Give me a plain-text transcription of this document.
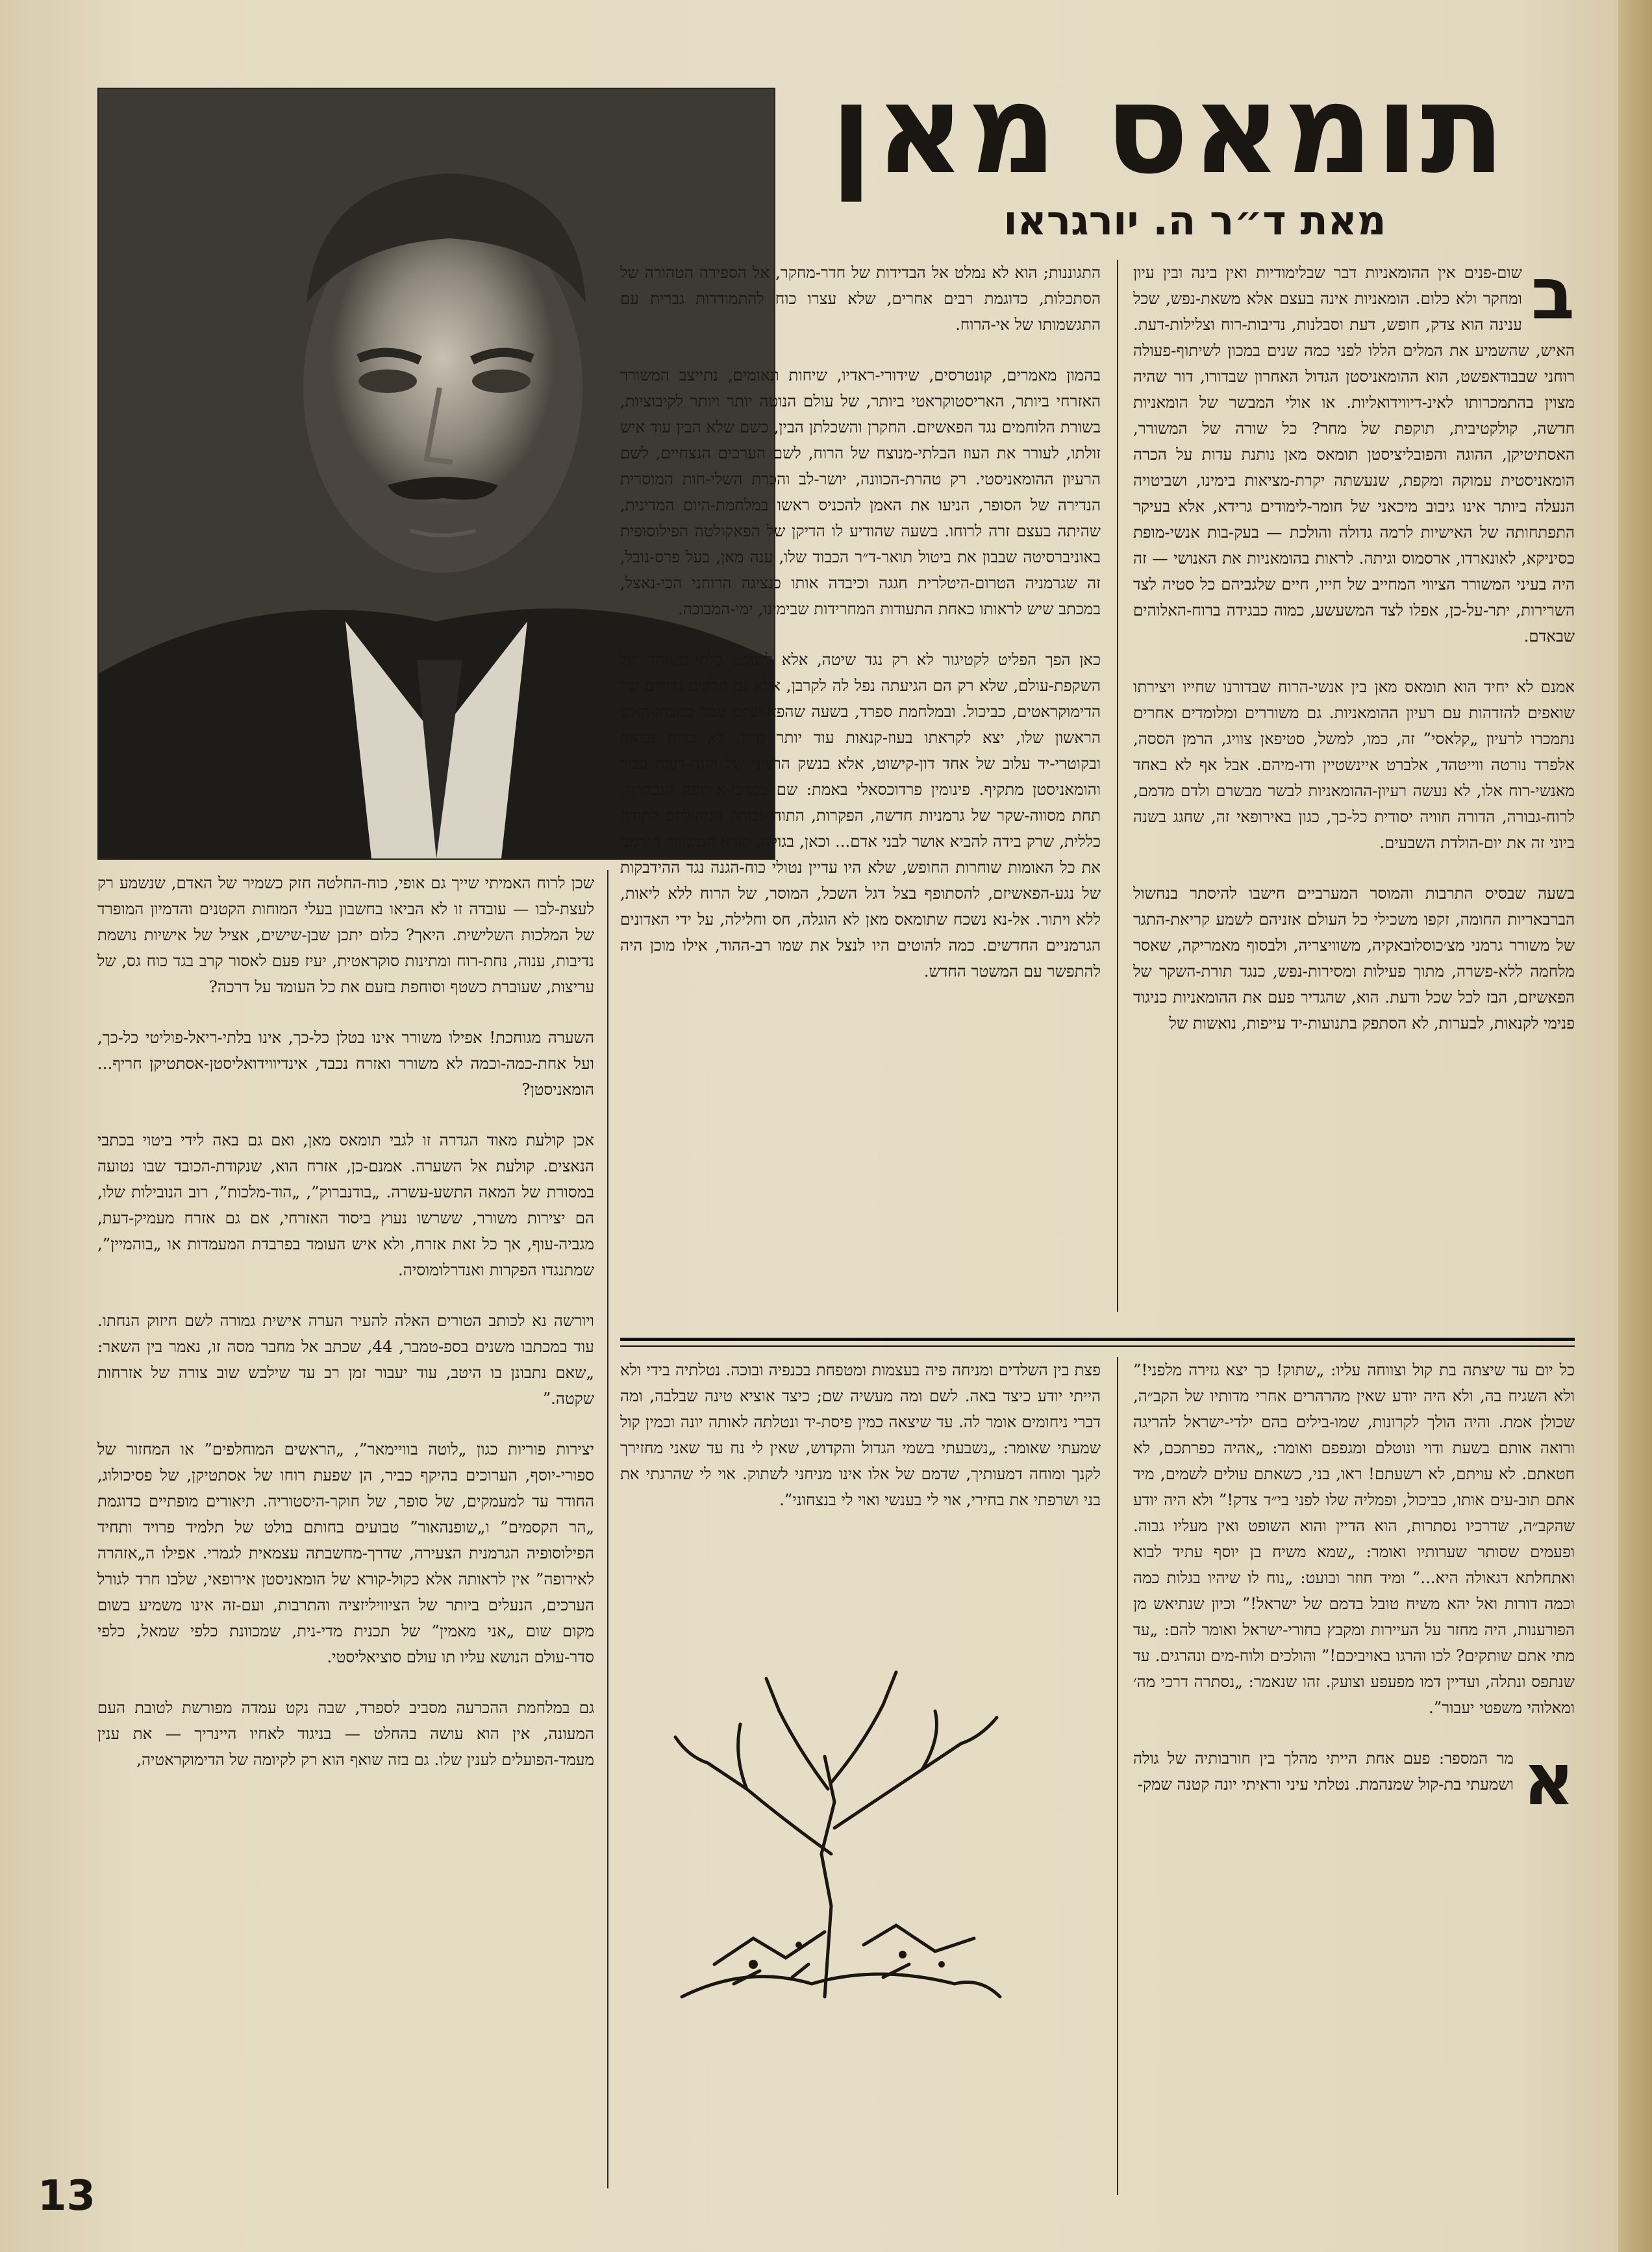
תומאס מאן
מאת ד״ר ה. יורגראו

ב
שום-פנים אין ההומאניות דבר שבלימודיות ואין בינה ובין עיון ומחקר ולא כלום. הומאניות אינה בעצם אלא משאת-נפש, שכל ענינה הוא צדק, חופש, דעת וסבלנות, נדיבות-רוח וצלילות-דעת. האיש, שהשמיע את המלים הללו לפני כמה שנים במכון לשיתוף-פעולה רוחני שבבודאפשט, הוא ההומאניסטן הגדול האחרון שבדורו, דור שהיה מצוין בהתמכרותו לאינ-דיווידואליות. או אולי המבשר של הומאניות חדשה, קולקטיבית, תוקפת של מחר? כל שורה של המשורר, האסתיטיקן, ההוגה והפובליציסטן תומאס מאן נותנת עדות על הכרה הומאניסטית עמוקה ומקפת, שנעשתה יקרת-מציאות בימינו, ושביטויה הנעלה ביותר אינו גיבוב מיכאני של חומר-לימודים גרידא, אלא בעיקר התפתחותה של האישיות לרמה גדולה והולכת — בעק-בות אנשי-מופת כסיניקא, לאונארדו, ארסמוס וגיתה. לראות בהומאניות את האנושי — זה היה בעיני המשורר הציווי המחייב של חייו, חיים שלגביהם כל סטיה לצד השרירות, יתר-על-כן, אפלו לצד המשעשע, כמוה כבגידה ברוח-האלוהים שבאדם.

אמנם לא יחיד הוא תומאס מאן בין אנשי-הרוח שבדורנו שחייו ויצירתו שואפים להזדהות עם רעיון ההומאניות. גם משוררים ומלומדים אחרים נתמכרו לרעיון „קלאסי” זה, כמו, למשל, סטיפאן צוויג, הרמן הססה, אלפרד נורטה ווייטהד, אלברט איינשטיין ודו-מיהם. אבל אף לא באחד מאנשי-רוח אלו, לא נעשה רעיון-ההומאניות לבשר מבשרם ולדם מדמם, לרוח-גבורה, הדורה חוויה יסודית כל-כך, כגון באירופאי זה, שחגג בשנה ביוני זה את יום-הולדת השבעים.

בשעה שבסיס התרבות והמוסר המערביים חישבו להיסתר בנחשול הברבאריות החומה, זקפו משכילי כל העולם אזניהם לשמע קריאת-התגר של משורר גרמני מצ׳כוסלובאקיה, משוויצריה, ולבסוף מאמריקה, שאסר מלחמה ללא-פשרה, מתוך פעילות ומסירות-נפש, כנגד תורת-השקר של הפאשיזם, הבז לכל שכל ודעת. הוא, שהגדיר פעם את ההומאניות כניגוד פנימי לקנאות, לבערות, לא הסתפק בתנועות-יד עייפות, נואשות של

התגוננות; הוא לא נמלט אל הבדידות של חדר-מחקר, אל הספירה הטהורה של הסתכלות, כדוגמת רבים אחרים, שלא עצרו כוח להתמודדות גברית עם התגשמותו של אי-הרוח.

בהמון מאמרים, קונטרסים, שידורי-ראדיו, שיחות ונאומים, נתייצב המשורר האזרחי ביותר, האריסטוקראטי ביותר, של עולם הנוטה יותר ויותר לקיבוציות, בשורת הלוחמים נגד הפאשיזם. החקרן והשכלתן הבין, כשם שלא הבין עוד איש זולתו, לעורר את העוז הבלתי-מנוצח של הרוח, לשם הערכים הנצחיים, לשם הרעיון ההומאניסטי. רק טהרת-הכוונה, יושר-לב והכרת השלי-חות המוסרית הנדירה של הסופר, הניעו את האמן להכניס ראשו במלחמת-היום המדינית, שהיתה בעצם זרה לרוחו. בשעה שהודיע לו הדיקן של הפאקולטה הפילוסופית באוניברסיטה שבבון את ביטול תואר-ד״ר הכבוד שלו, ענה מאן, בעל פרס-נובל, זה שגרמניה הטרום-היטלרית חגגה וכיבדה אותו כנציגה הרוחני הכי-נאצל, במכתב שיש לראותו כאחת התעודות המחרידות שבימינו, ימי-המבוכה.

כאן הפך הפליט לקטיגור לא רק נגד שיטה, אלא לשופט בלתי-משוחד של השקפת-עולם, שלא רק הם הגיעתה נפל לה לקרבן, אלא גם חלקים גדולים של הדימוקראטים, כביכול. ובמלחמת ספרד, בשעה שהפא-שיזם עמד במבחן-האש הראשון שלו, יצא לקראתו בעוז-קנאות עוד יותר גדול, לא ברוח נביאה ובקוטרי-יד עלוב של אחד דון-קישוט, אלא בנשק הרציני של הוגה-דעות כביר והומאניסטן מתקיף. פינומין פרדוכסאלי באמת: שם במרכז-אירופה הנכתרה, תחת מסווה-שקר של גרמניות חדשה, הפקרות, התוהו-ובוהו, הניהיליזם לתורה כללית, שרק בידה להביא אושר לבני אדם... וכאן, בגולה, קורא המשורר הגרמני את כל האומות שוחרות החופש, שלא היו עדיין נטולי כוח-הגנה נגד ההידבקות של נגע-הפאשיזם, להסתופף בצל דגל השכל, המוסר, של הרוח ללא ליאות, ללא ויתור. אל-נא נשכח שתומאס מאן לא הוגלה, חס וחלילה, על ידי האדונים הגרמניים החדשים. כמה להוטים היו לנצל את שמו רב-ההוד, אילו מוכן היה להתפשר עם המשטר החדש.

שכן לרוח האמיתי שייך גם אופי, כוח-החלטה חזק כשמיר של האדם, שנשמע רק לעצת-לבו — עובדה זו לא הביאו בחשבון בעלי המוחות הקטנים והדמיון המופרד של המלכות השלישית. היאך? כלום יתכן שבן-שישים, אציל של אישיות נושמת נדיבות, ענוה, נחת-רוח ומתינות סוקראטית, יעיז פעם לאסור קרב בגד כוח גס, של עריצות, שעוברת כשטף וסוחפת בזעם את כל העומד על דרכה?

השערה מגוחכת! אפילו משורר אינו בטלן כל-כך, אינו בלתי-ריאל-פוליטי כל-כך, ועל אחת-כמה-וכמה לא משורר ואזרח נכבד, אינדיווידואליסטן-אסתטיקן חריף... הומאניסטן?

אכן קולעת מאוד הגדרה זו לגבי תומאס מאן, ואם גם באה לידי ביטוי בכתבי הנאצים. קולעת אל השערה. אמנם-כן, אזרח הוא, שנקודת-הכובד שבו נטועה במסורת של המאה התשע-עשרה. „בודנברוק”, „הוד-מלכות”, רוב הנובילות שלו, הם יצירות משורר, ששרשו נעוץ ביסוד האזרחי, אם גם אזרח מעמיק-דעת, מגביה-עוף, אך כל זאת אזרח, ולא איש העומד בפרבדת המעמדות או „בוהמיין”, שמתנגדו הפקרות ואנדרלומוסיה.

ויורשה נא לכותב הטורים האלה להעיר הערה אישית גמורה לשם חיזוק הנחתו. עוד במכתבו משנים בספ-טמבר, 44, שכתב אל מחבר מסה זו, נאמר בין השאר: „שאם נתבונן בו היטב, עוד יעבור זמן רב עד שילבש שוב צורה של אזרחות שקטה.”

יצירות פוריות כגון „לוטה בוויימאר”, „הראשים המוחלפים” או המחזור של ספורי-יוסף, הערוכים בהיקף כביר, הן שפעת רוחו של אסתטיקן, של פסיכולוג, החודר עד למעמקים, של סופר, של חוקר-היסטוריה. תיאורים מופתיים כדוגמת „הר הקסמים” ו„שופנהאור” טבועים בחותם בולט של תלמיד פרויד ותחיד הפילוסופיה הגרמנית הצעירה, שדרך-מחשבתה עצמאית לגמרי. אפילו ה„אזהרה לאירופה” אין לראותה אלא כקול-קורא של הומאניסטן אירופאי, שלבו חרד לגורל הערכים, הנעלים ביותר של הציוויליזציה והתרבות, ועם-זה אינו משמיע בשום מקום שום „אני מאמין” של תכנית מדי-נית, שמכוונת כלפי שמאל, כלפי סדר-עולם הנושא עליו תו עולם סוציאליסטי.

גם במלחמת ההכרעה מסביב לספרד, שבה נקט עמדה מפורשת לטובת העם המעונה, אין הוא עושה בהחלט — בניגוד לאחיו היינריך — את ענין מעמד-הפועלים לענין שלו. גם בזה שואף הוא רק לקיומה של הדימוקראטיה,

כל יום עד שיצתה בת קול וצווחה עליו: „שתוק! כך יצא גזירה מלפני!” ולא השגיח בה, ולא היה יודע שאין מהרהרים אחרי מדותיו של הקב״ה, שכולן אמת. והיה הולך לקרונות, שמו-בילים בהם ילדי-ישראל להריגה ורואה אותם בשעת ודוי ונוטלם ומגפפם ואומר: „אהיה כפרתכם, לא חטאתם. לא עויתם, לא רשעתם! ראו, בני, כשאתם עולים לשמים, מיד אתם תוב-עים אותו, כביכול, ופמליה שלו לפני בי״ד צדק!” ולא היה יודע שהקב״ה, שדרכיו נסתרות, הוא הדיין והוא השופט ואין מעליו גבוה. ופעמים שסותר שערותיו ואומר: „שמא משיח בן יוסף עתיד לבוא ואתחלתא דגאולה היא...” ומיד חוזר ובועט: „נוח לו שיהיו בגלות כמה וכמה דורות ואל יהא משיח טובל בדמם של ישראל!” וכיון שנתיאש מן הפורענות, היה מחזר על העיירות ומקבץ בחורי-ישראל ואומר להם: „עד מתי אתם שותקים? לכו והרגו באויביכם!” והולכים ולוח-מים ונהרגים. עד שנתפס ונתלה, ועדיין דמו מפעפע וצועק. זהו שנאמר: „נסתרה דרכי מה׳ ומאלוהי משפטי יעבור”.

א
מר המספר: פעם אחת הייתי מהלך בין חורבותיה של גולה ושמעתי בת-קול שמנהמת. נטלתי עיני וראיתי יונה קטנה שמק-

פצת בין השלדים ומניחה פיה בעצמות ומטפחת בכנפיה ובוכה. נטלתיה בידי ולא הייתי יודע כיצד באה. לשם ומה מעשיה שם; כיצד אוציא טינה שבלבה, ומה דברי ניחומים אומר לה. עד שיצאה כמין פיסת-יד ונטלתה לאותה יונה וכמין קול שמעתי שאומר: „נשבעתי בשמי הגדול והקדוש, שאין לי נח עד שאני מחזירך לקנך ומוחה דמעותיך, שדמם של אלו אינו מניחני לשתוק. אוי לי שהרגתי את בני ושרפתי את בחירי, אוי לי בענשי ואוי לי בנצחוני”.

13
